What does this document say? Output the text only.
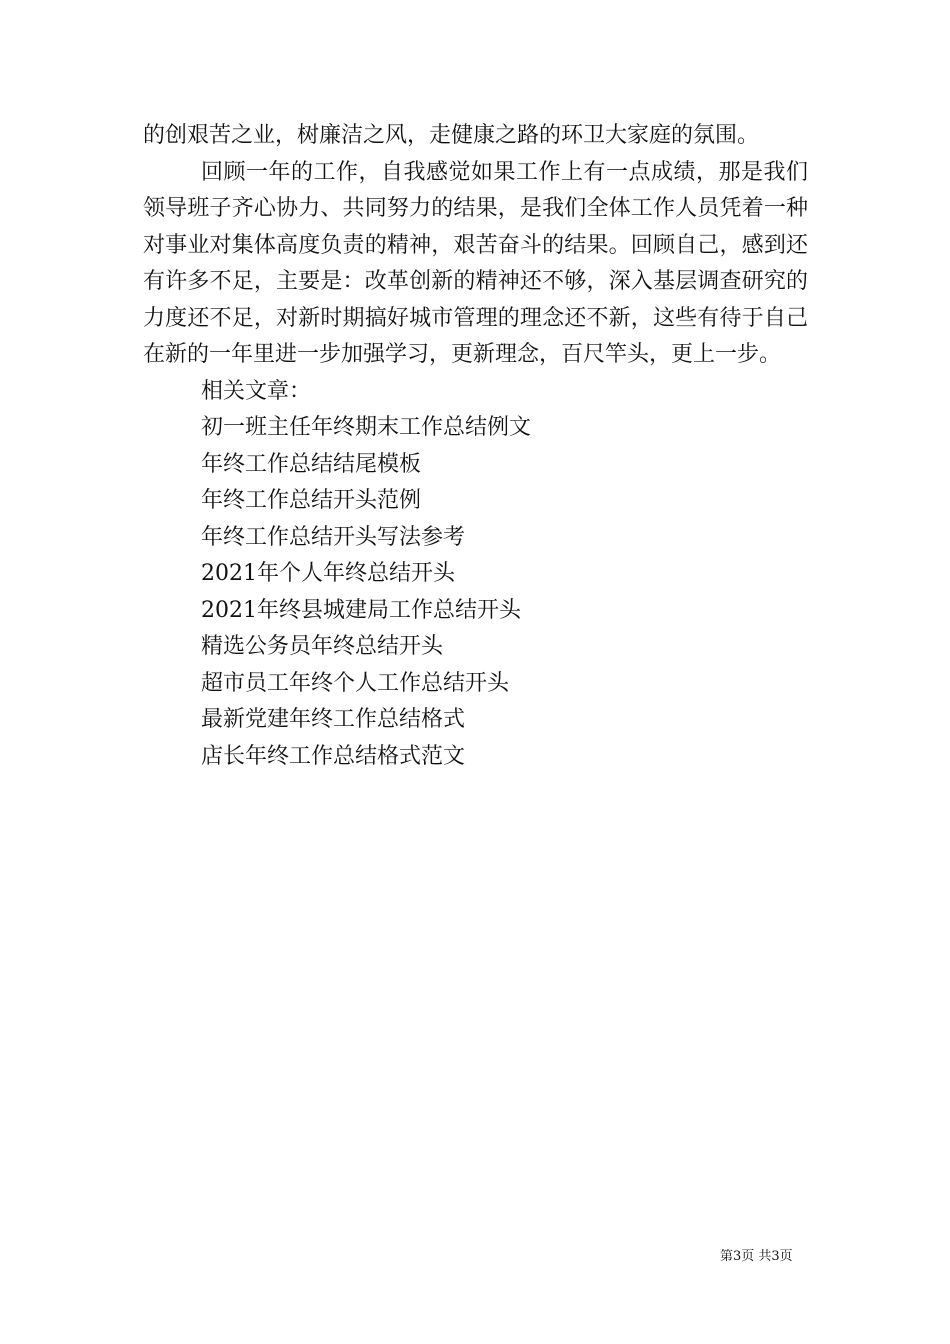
的创艰苦之业，树廉洁之风，走健康之路的环卫大家庭的氛围。

回顾一年的工作，自我感觉如果工作上有一点成绩，那是我们领导班子齐心协力、共同努力的结果，是我们全体工作人员凭着一种对事业对集体高度负责的精神，艰苦奋斗的结果。回顾自己，感到还有许多不足，主要是：改革创新的精神还不够，深入基层调查研究的力度还不足，对新时期搞好城市管理的理念还不新，这些有待于自己在新的一年里进一步加强学习，更新理念，百尺竿头，更上一步。

相关文章：

初一班主任年终期末工作总结例文
年终工作总结结尾模板
年终工作总结开头范例
年终工作总结开头写法参考
2021年个人年终总结开头
2021年终县城建局工作总结开头
精选公务员年终总结开头
超市员工年终个人工作总结开头
最新党建年终工作总结格式
店长年终工作总结格式范文
第3页 共3页
